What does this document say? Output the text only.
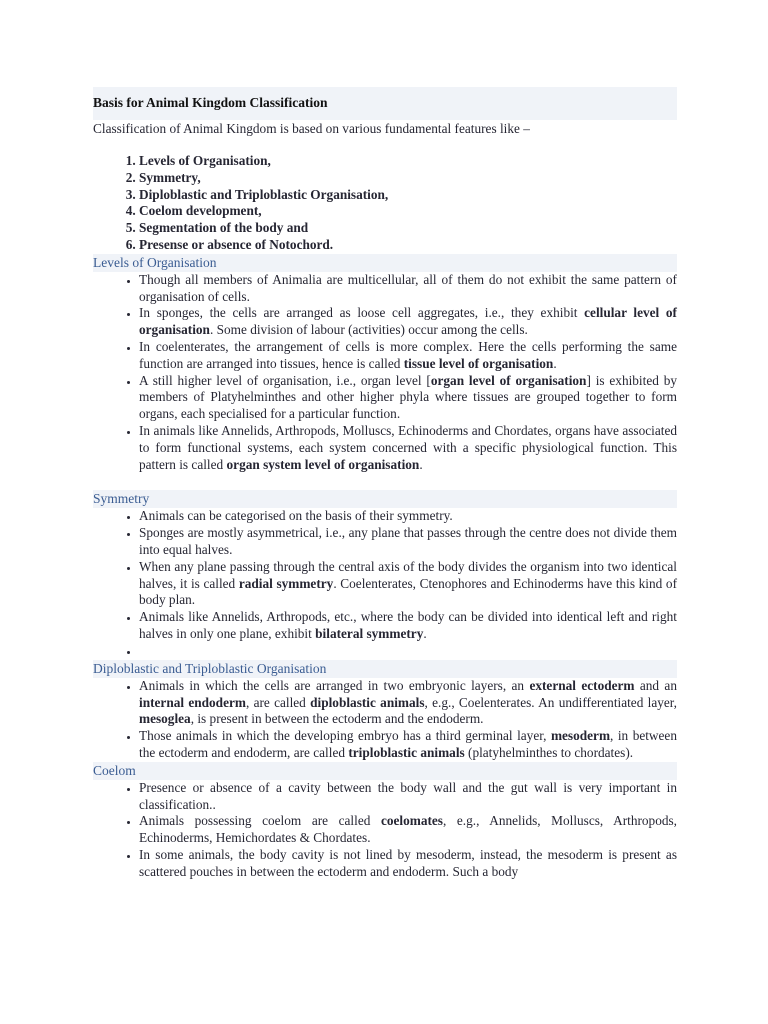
Basis for Animal Kingdom Classification
Classification of Animal Kingdom is based on various fundamental features like –
1. Levels of Organisation,
2. Symmetry,
3. Diploblastic and Triploblastic Organisation,
4. Coelom development,
5. Segmentation of the body and
6. Presense or absence of Notochord.
Levels of Organisation
• Though all members of Animalia are multicellular, all of them do not exhibit the same pattern of organisation of cells.
• In sponges, the cells are arranged as loose cell aggregates, i.e., they exhibit cellular level of organisation. Some division of labour (activities) occur among the cells.
• In coelenterates, the arrangement of cells is more complex. Here the cells performing the same function are arranged into tissues, hence is called tissue level of organisation.
• A still higher level of organisation, i.e., organ level [organ level of organisation] is exhibited by members of Platyhelminthes and other higher phyla where tissues are grouped together to form organs, each specialised for a particular function.
• In animals like Annelids, Arthropods, Molluscs, Echinoderms and Chordates, organs have associated to form functional systems, each system concerned with a specific physiological function. This pattern is called organ system level of organisation.
Symmetry
• Animals can be categorised on the basis of their symmetry.
• Sponges are mostly asymmetrical, i.e., any plane that passes through the centre does not divide them into equal halves.
• When any plane passing through the central axis of the body divides the organism into two identical halves, it is called radial symmetry. Coelenterates, Ctenophores and Echinoderms have this kind of body plan.
• Animals like Annelids, Arthropods, etc., where the body can be divided into identical left and right halves in only one plane, exhibit bilateral symmetry.
•
Diploblastic and Triploblastic Organisation
• Animals in which the cells are arranged in two embryonic layers, an external ectoderm and an internal endoderm, are called diploblastic animals, e.g., Coelenterates. An undifferentiated layer, mesoglea, is present in between the ectoderm and the endoderm.
• Those animals in which the developing embryo has a third germinal layer, mesoderm, in between the ectoderm and endoderm, are called triploblastic animals (platyhelminthes to chordates).
Coelom
• Presence or absence of a cavity between the body wall and the gut wall is very important in classification..
• Animals possessing coelom are called coelomates, e.g., Annelids, Molluscs, Arthropods, Echinoderms, Hemichordates & Chordates.
• In some animals, the body cavity is not lined by mesoderm, instead, the mesoderm is present as scattered pouches in between the ectoderm and endoderm. Such a body
